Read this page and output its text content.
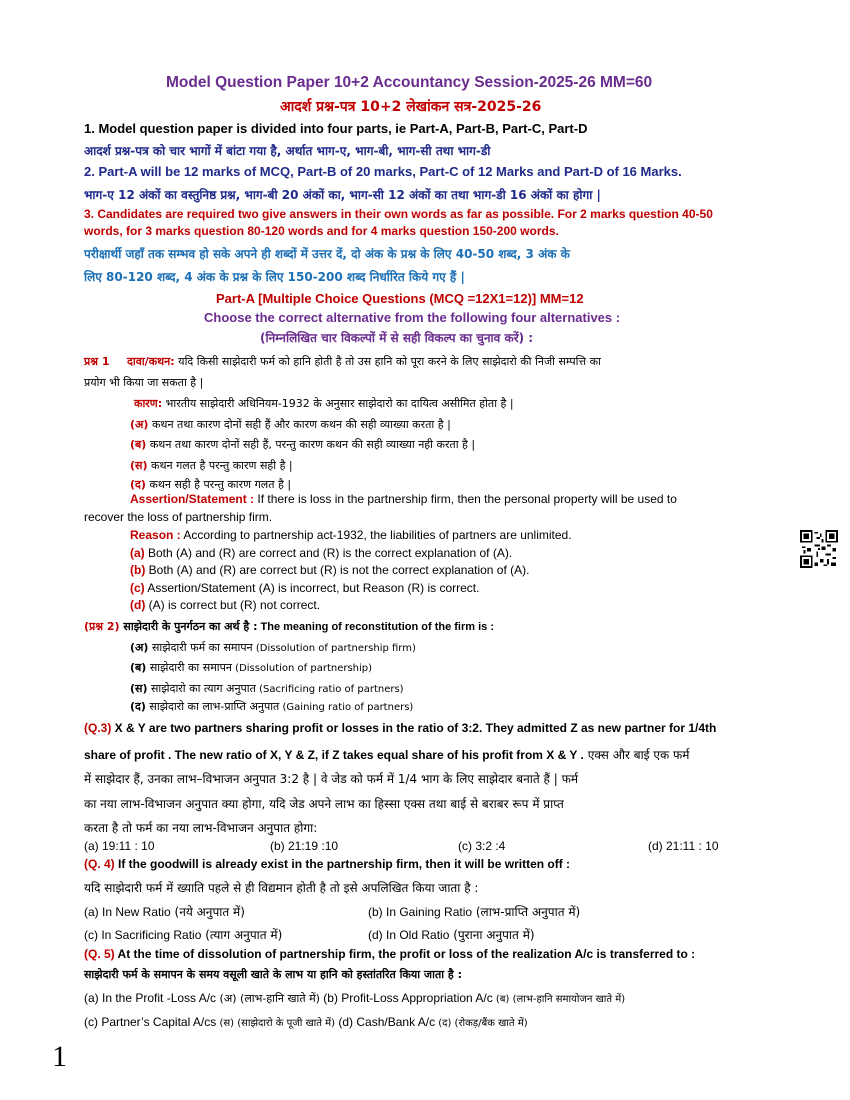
Model Question Paper 10+2 Accountancy Session-2025-26 MM=60
आदर्श प्रश्न-पत्र 10+2 लेखांकन सत्र-2025-26
1. Model question paper is divided into four parts, ie Part-A, Part-B, Part-C, Part-D
आदर्श प्रश्न-पत्र को चार भागों में बांटा गया है, अर्थात भाग-ए, भाग-बी, भाग-सी तथा भाग-डी
2. Part-A will be 12 marks of MCQ, Part-B of 20 marks, Part-C of 12 Marks and Part-D of 16 Marks.
भाग-ए 12 अंकों का वस्तुनिष्ठ प्रश्न, भाग-बी 20 अंकों का, भाग-सी 12 अंकों का तथा भाग-डी 16 अंकों का होगा |
3. Candidates are required two give answers in their own words as far as possible. For 2 marks question 40-50
words, for 3 marks question 80-120 words and for 4 marks question 150-200 words.
परीक्षार्थी जहाँ तक सम्भव हो सके अपने ही शब्दों में उत्तर दें, दो अंक के प्रश्न के लिए 40-50 शब्द, 3 अंक के
लिए 80-120 शब्द, 4 अंक के प्रश्न के लिए 150-200 शब्द निर्धारित किये गए हैं |
Part-A [Multiple Choice Questions (MCQ =12X1=12)] MM=12
Choose the correct alternative from the following four alternatives :
(निम्नलिखित चार विकल्पों में से सही विकल्प का चुनाव करें) :
प्रश्न 1 दावा/कथन: यदि किसी साझेदारी फर्म को हानि होती है तो उस हानि को पूरा करने के लिए साझेदारो की निजी सम्पत्ति का
प्रयोग भी किया जा सकता है |
कारण: भारतीय साझेदारी अधिनियम-1932 के अनुसार साझेदारो का दायित्व असीमित होता है |
(अ) कथन तथा कारण दोनों सही हैं और कारण कथन की सही व्याख्या करता है |
(ब) कथन तथा कारण दोनों सही हैं, परन्तु कारण कथन की सही व्याख्या नही करता है |
(स) कथन गलत है परन्तु कारण सही है |
(द) कथन सही है परन्तु कारण गलत है |
Assertion/Statement : If there is loss in the partnership firm, then the personal property will be used to
recover the loss of partnership firm.
Reason : According to partnership act-1932, the liabilities of partners are unlimited.
(a) Both (A) and (R) are correct and (R) is the correct explanation of (A).
(b) Both (A) and (R) are correct but (R) is not the correct explanation of (A).
(c) Assertion/Statement (A) is incorrect, but Reason (R) is correct.
(d) (A) is correct but (R) not correct.
(प्रश्न 2) साझेदारी के पुनर्गठन का अर्थ है : The meaning of reconstitution of the firm is :
(अ) साझेदारी फर्म का समापन (Dissolution of partnership firm)
(ब) साझेदारी का समापन (Dissolution of partnership)
(स) साझेदारो का त्याग अनुपात (Sacrificing ratio of partners)
(द) साझेदारो का लाभ-प्राप्ति अनुपात (Gaining ratio of partners)
(Q.3) X & Y are two partners sharing profit or losses in the ratio of 3:2. They admitted Z as new partner for 1/4th
share of profit . The new ratio of X, Y & Z, if Z takes equal share of his profit from X & Y . एक्स और बाई एक फर्म
में साझेदार हैं, उनका लाभ–विभाजन अनुपात 3:2 है | वे जेड को फर्म में 1/4 भाग के लिए साझेदार बनाते हैं | फर्म
का नया लाभ-विभाजन अनुपात क्या होगा, यदि जेड अपने लाभ का हिस्सा एक्स तथा बाई से बराबर रूप में प्राप्त
करता है तो फर्म का नया लाभ-विभाजन अनुपात होगा:
(a) 19:11 : 10	(b) 21:19 :10	(c) 3:2 :4	(d) 21:11 : 10
(Q. 4) If the goodwill is already exist in the partnership firm, then it will be written off :
यदि साझेदारी फर्म में ख्याति पहले से ही विद्यमान होती है तो इसे अपलिखित किया जाता है :
(a) In New Ratio (नये अनुपात में)	(b) In Gaining Ratio (लाभ-प्राप्ति अनुपात में)
(c) In Sacrificing Ratio (त्याग अनुपात में)	(d) In Old Ratio (पुराना अनुपात में)
(Q. 5) At the time of dissolution of partnership firm, the profit or loss of the realization A/c is transferred to :
साझेदारी फर्म के समापन के समय वसूली खाते के लाभ या हानि को हस्तांतरित किया जाता है :
(a) In the Profit -Loss A/c (अ) (लाभ-हानि खाते में) (b) Profit-Loss Appropriation A/c (ब) (लाभ-हानि समायोजन खाते में)
(c) Partner’s Capital A/cs (स) (साझेदारो के पूजी खाते में) (d) Cash/Bank A/c (द) (रोकड़/बैंक खाते में)
1
